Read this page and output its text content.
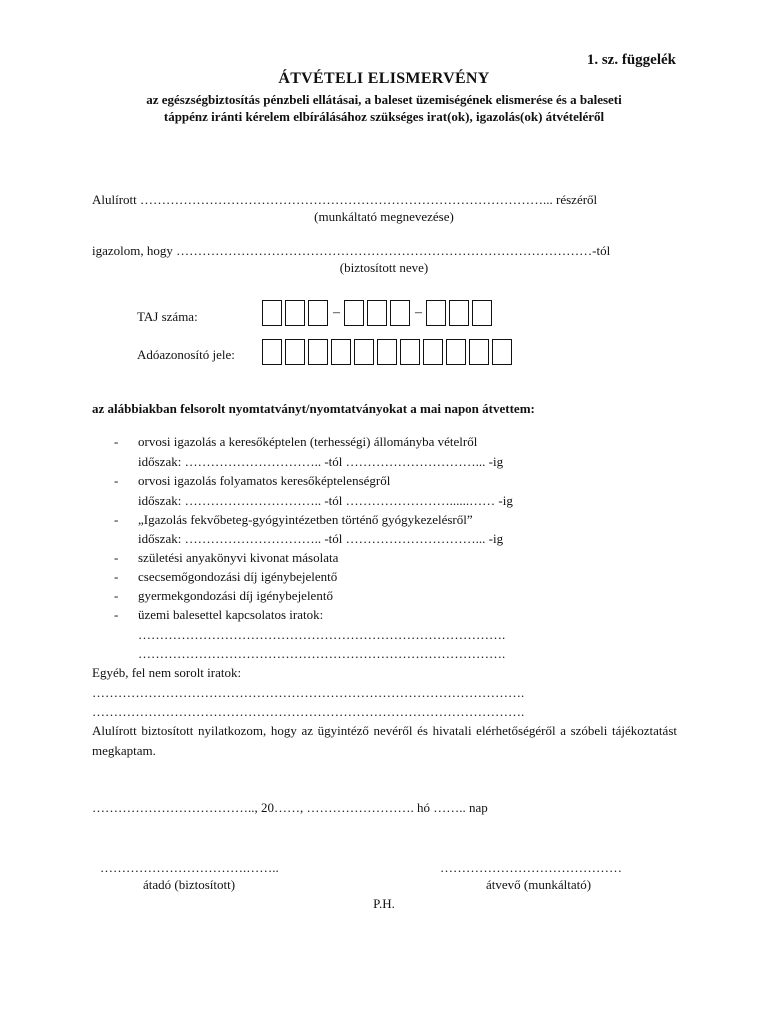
1. sz. függelék
ÁTVÉTELI ELISMERVÉNY
az egészségbiztosítás pénzbeli ellátásai, a baleset üzemiségének elismerése és a baleseti
táppénz iránti kérelem elbírálásához szükséges irat(ok), igazolás(ok) átvételéről
Alulírott …………………………………………………………………………………... részéről
(munkáltató megnevezése)
igazolom, hogy ……………………………………………………………………………………-tól
(biztosított neve)
TAJ száma:	–	–
Adóazonosító jele:
az alábbiakban felsorolt nyomtatványt/nyomtatványokat a mai napon átvettem:
- orvosi igazolás a keresőképtelen (terhességi) állományba vételről
időszak: ………………………….. -tól …………………………... -ig
- orvosi igazolás folyamatos keresőképtelenségről
időszak: ………………………….. -tól ……………………......…… -ig
- „Igazolás fekvőbeteg-gyógyintézetben történő gyógykezelésről”
időszak: ………………………….. -tól …………………………... -ig
- születési anyakönyvi kivonat másolata
- csecsemőgondozási díj igénybejelentő
- gyermekgondozási díj igénybejelentő
- üzemi balesettel kapcsolatos iratok:
………………………………………………………………………….
………………………………………………………………………….
Egyéb, fel nem sorolt iratok:
……………………………………………………………………………………….
……………………………………………………………………………………….
Alulírott biztosított nyilatkozom, hogy az ügyintéző nevéről és hivatali elérhetőségéről a szóbeli tájékoztatást megkaptam.
……………………………….., 20……, ……………………. hó …….. nap
…………………………….……..	……………………………………
átadó (biztosított)	átvevő (munkáltató)
P.H.
